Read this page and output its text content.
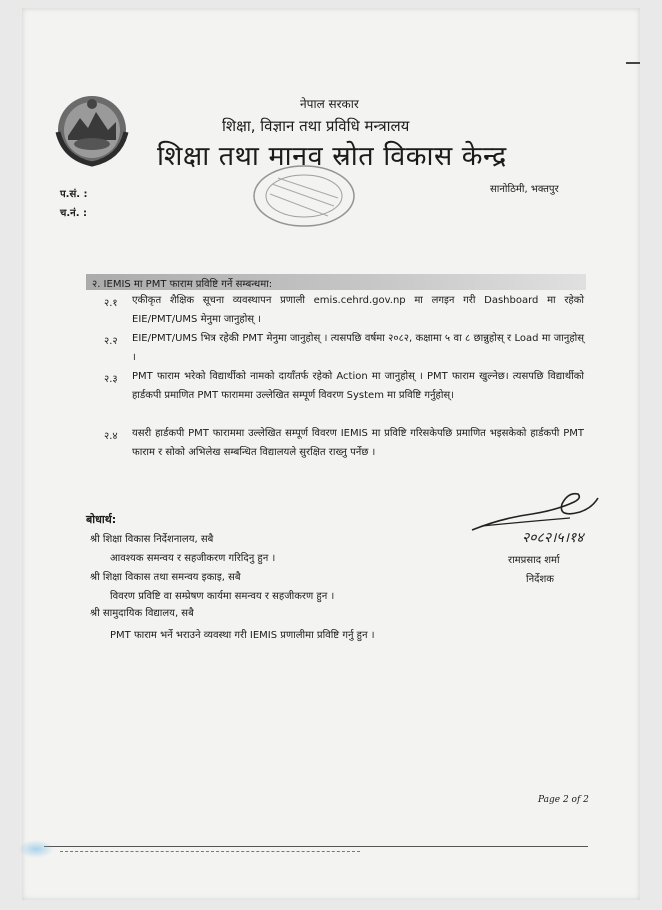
नेपाल सरकार
शिक्षा, विज्ञान तथा प्रविधि मन्त्रालय
शिक्षा तथा मानव स्रोत विकास केन्द्र
सानोठिमी, भक्तपुर
प.सं. :
च.नं. :
२. IEMIS मा PMT फाराम प्रविष्टि गर्ने सम्बन्धमा:
२.१ एकीकृत शैक्षिक सूचना व्यवस्थापन प्रणाली emis.cehrd.gov.np मा लगइन गरी Dashboard मा रहेको EIE/PMT/UMS मेनुमा जानुहोस् ।
२.२ EIE/PMT/UMS भित्र रहेकी PMT मेनुमा जानुहोस् । त्यसपछि वर्षमा २०८२, कक्षामा ५ वा ८ छान्नुहोस् र Load मा जानुहोस् ।
२.३ PMT फाराम भरेको विद्यार्थीको नामको दायाँतर्फ रहेको Action मा जानुहोस् । PMT फाराम खुल्नेछ। त्यसपछि विद्यार्थीको हार्डकपी प्रमाणित PMT फाराममा उल्लेखित सम्पूर्ण विवरण System मा प्रविष्टि गर्नुहोस्।
२.४ यसरी हार्डकपी PMT फाराममा उल्लेखित सम्पूर्ण विवरण IEMIS मा प्रविष्टि गरिसकेपछि प्रमाणित भइसकेको हार्डकपी PMT फाराम र सोको अभिलेख सम्बन्धित विद्यालयले सुरक्षित राख्नु पर्नेछ ।
बोधार्थ:
श्री शिक्षा विकास निर्देशनालय, सबै
आवश्यक समन्वय र सहजीकरण गरिदिनु हुन ।
श्री शिक्षा विकास तथा समन्वय इकाइ, सबै
विवरण प्रविष्टि वा सम्प्रेषण कार्यमा समन्वय र सहजीकरण हुन ।
श्री सामुदायिक विद्यालय, सबै
PMT फाराम भर्ने भराउने व्यवस्था गरी IEMIS प्रणालीमा प्रविष्टि गर्नु हुन ।
२०८२।५।१४
रामप्रसाद शर्मा
निर्देशक
Page 2 of 2
